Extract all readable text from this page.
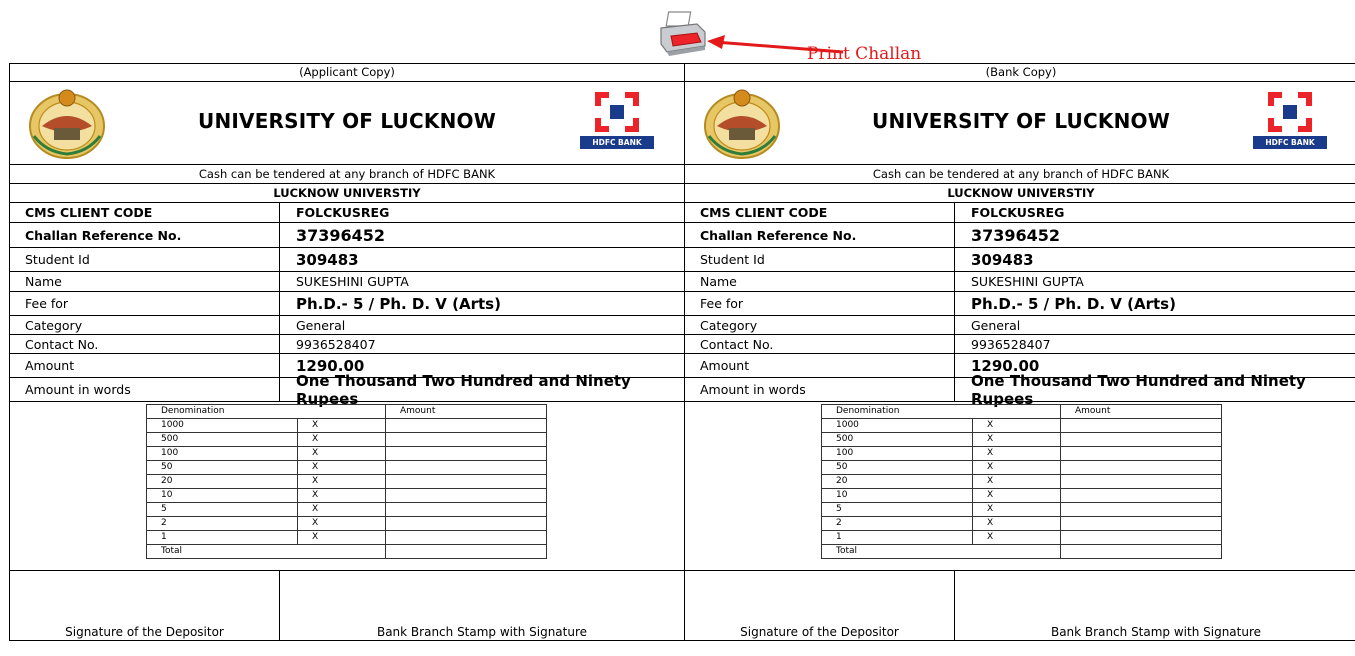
Print Challan
(Applicant Copy)
UNIVERSITY OF LUCKNOW
HDFC BANK
Cash can be tendered at any branch of HDFC BANK
LUCKNOW UNIVERSTIY
CMS CLIENT CODE	FOLCKUSREG
Challan Reference No.	37396452
Student Id	309483
Name	SUKESHINI GUPTA
Fee for	Ph.D.- 5 / Ph. D. V (Arts)
Category	General
Contact No.	9936528407
Amount	1290.00
Amount in words	One Thousand Two Hundred and Ninety Rupees
Denomination		Amount
1000	X	
500	X	
100	X	
50	X	
20	X	
10	X	
5	X	
2	X	
1	X	
Total		
Signature of the Depositor	Bank Branch Stamp with Signature
(Bank Copy)
UNIVERSITY OF LUCKNOW
HDFC BANK
Cash can be tendered at any branch of HDFC BANK
LUCKNOW UNIVERSTIY
CMS CLIENT CODE	FOLCKUSREG
Challan Reference No.	37396452
Student Id	309483
Name	SUKESHINI GUPTA
Fee for	Ph.D.- 5 / Ph. D. V (Arts)
Category	General
Contact No.	9936528407
Amount	1290.00
Amount in words	One Thousand Two Hundred and Ninety Rupees
Denomination		Amount
1000	X	
500	X	
100	X	
50	X	
20	X	
10	X	
5	X	
2	X	
1	X	
Total		
Signature of the Depositor	Bank Branch Stamp with Signature
